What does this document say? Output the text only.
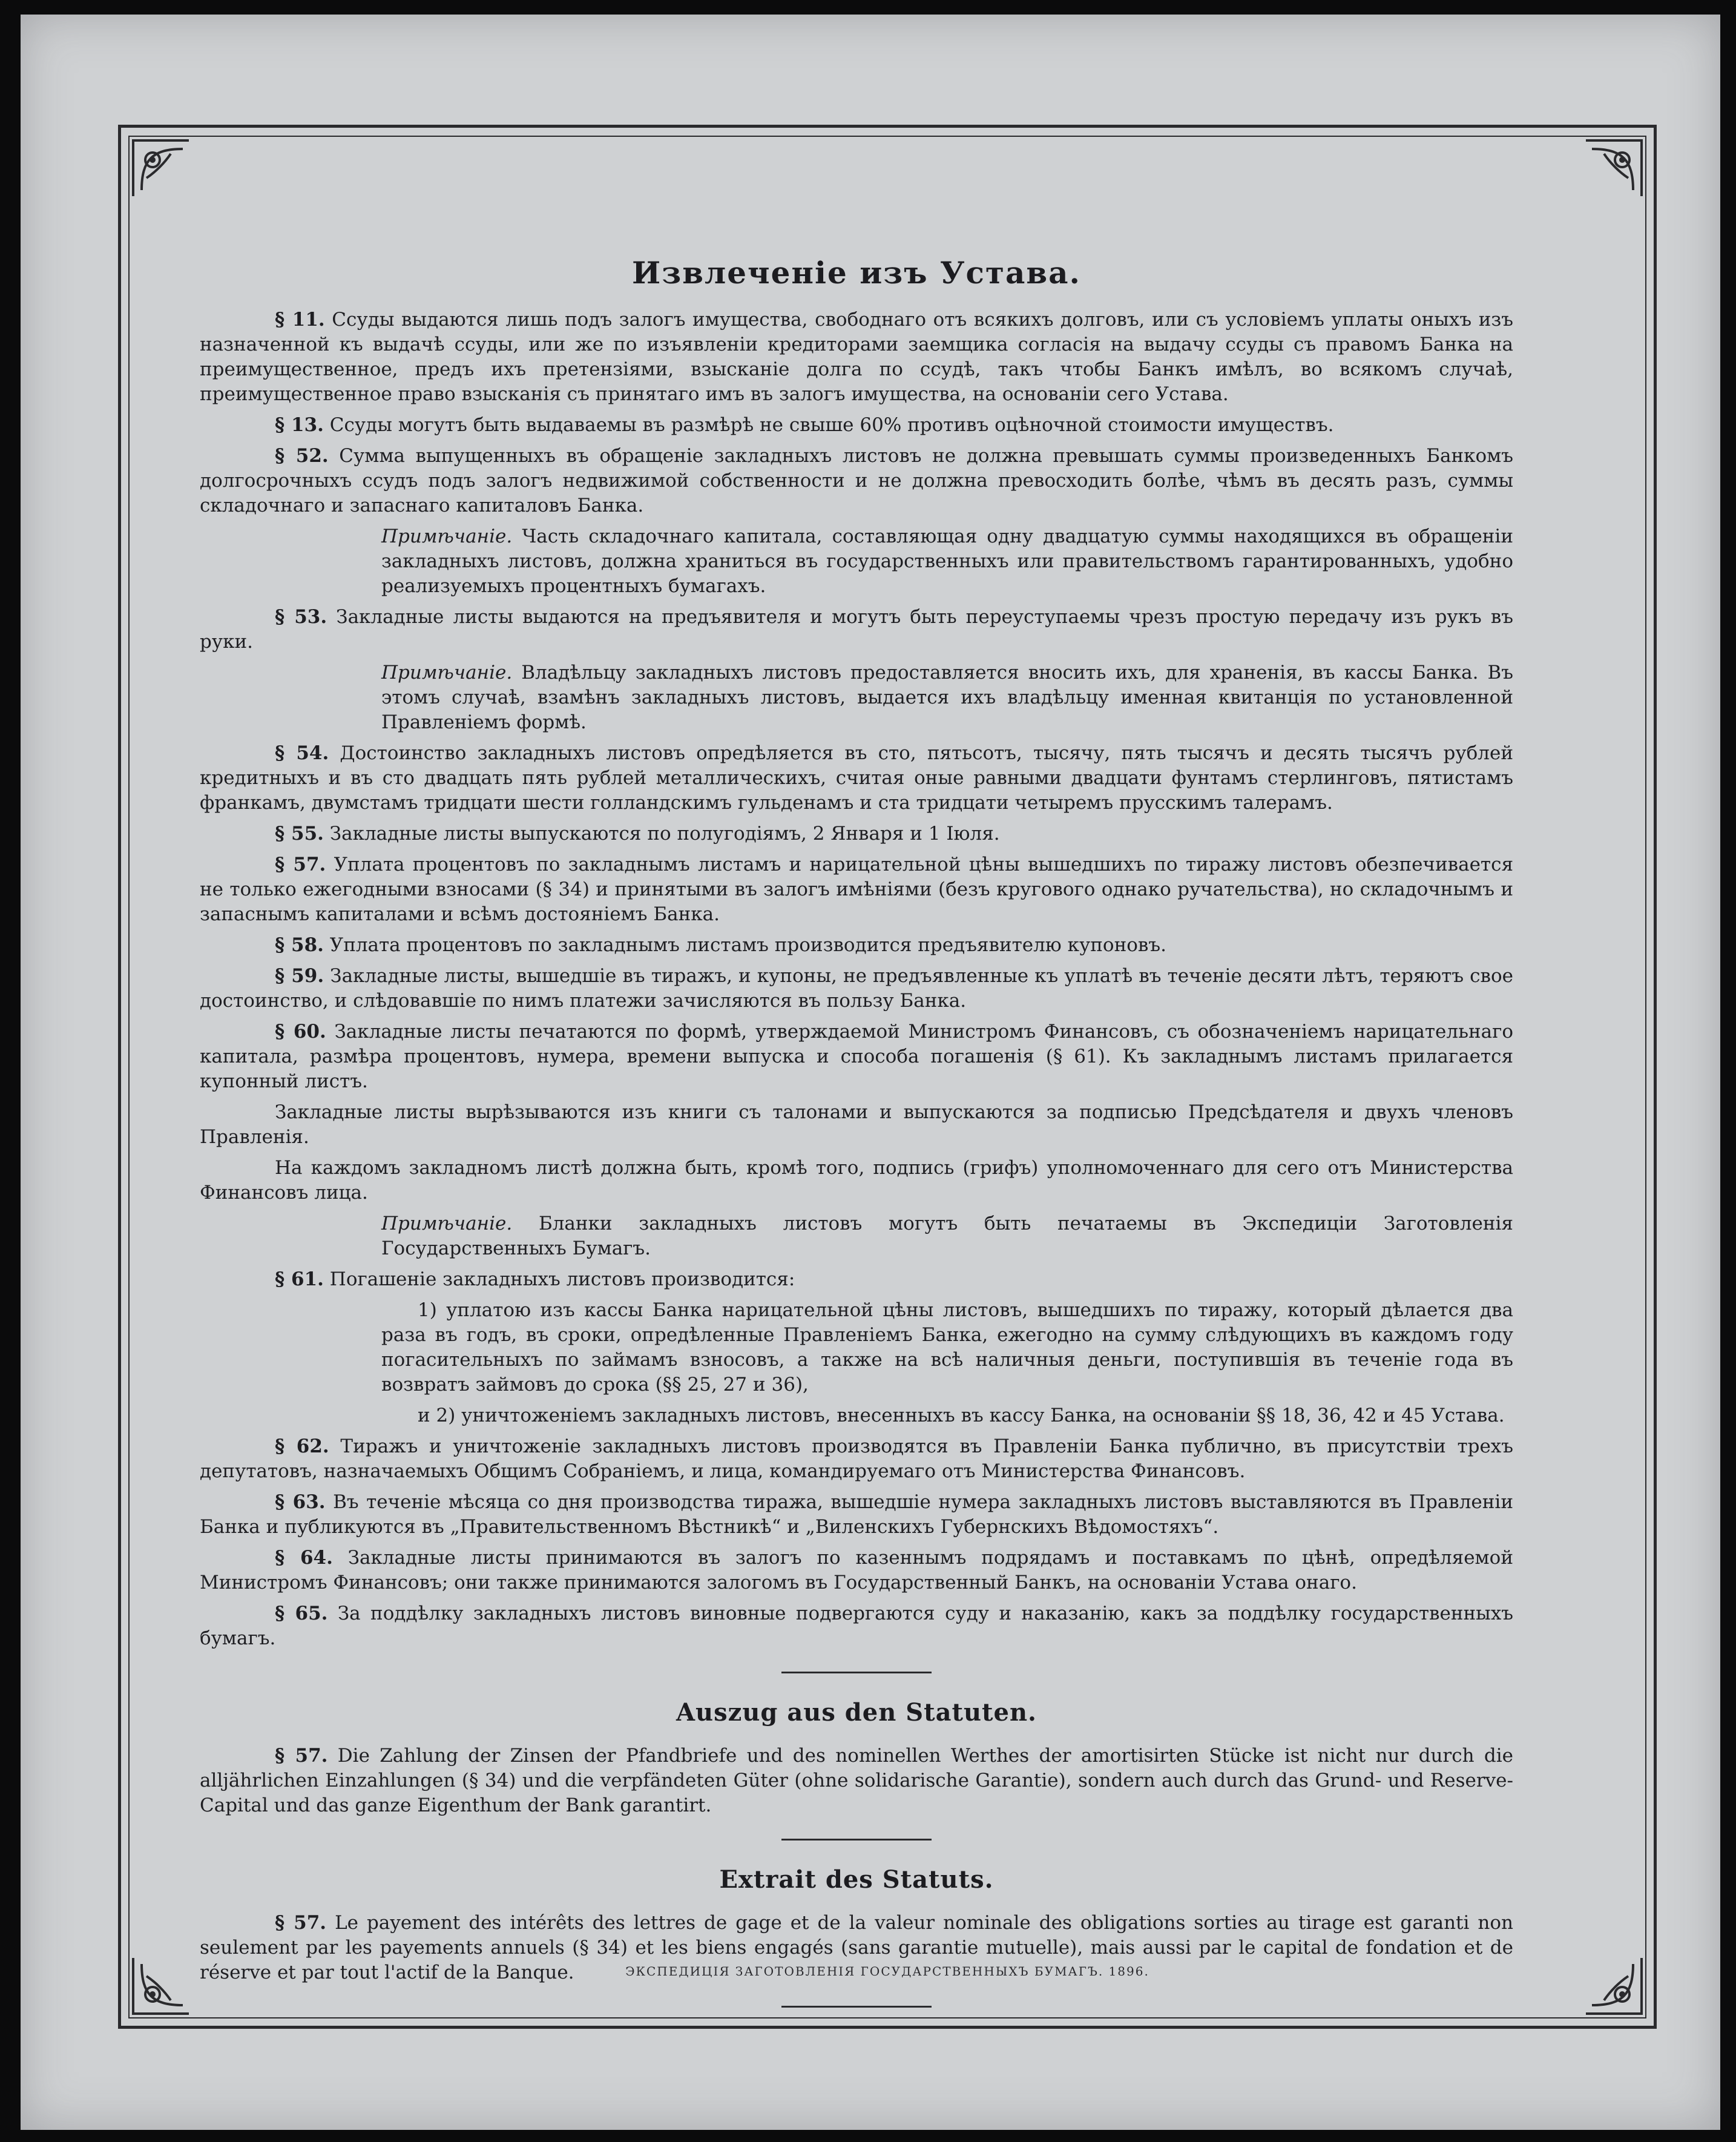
Извлеченіе изъ Устава.

§ 11. Ссуды выдаются лишь подъ залогъ имущества, свободнаго отъ всякихъ долговъ, или съ условіемъ уплаты оныхъ изъ назначенной къ выдачѣ ссуды, или же по изъявленіи кредиторами заемщика согласія на выдачу ссуды съ правомъ Банка на преимущественное, предъ ихъ претензіями, взысканіе долга по ссудѣ, такъ чтобы Банкъ имѣлъ, во всякомъ случаѣ, преимущественное право взысканія съ принятаго имъ въ залогъ имущества, на основаніи сего Устава.

§ 13. Ссуды могутъ быть выдаваемы въ размѣрѣ не свыше 60% противъ оцѣночной стоимости имуществъ.

§ 52. Сумма выпущенныхъ въ обращеніе закладныхъ листовъ не должна превышать суммы произведенныхъ Банкомъ долгосрочныхъ ссудъ подъ залогъ недвижимой собственности и не должна превосходить болѣе, чѣмъ въ десять разъ, суммы складочнаго и запаснаго капиталовъ Банка.

Примѣчаніе. Часть складочнаго капитала, составляющая одну двадцатую суммы находящихся въ обращеніи закладныхъ листовъ, должна храниться въ государственныхъ или правительствомъ гарантированныхъ, удобно реализуемыхъ процентныхъ бумагахъ.

§ 53. Закладные листы выдаются на предъявителя и могутъ быть переуступаемы чрезъ простую передачу изъ рукъ въ руки.

Примѣчаніе. Владѣльцу закладныхъ листовъ предоставляется вносить ихъ, для храненія, въ кассы Банка. Въ этомъ случаѣ, взамѣнъ закладныхъ листовъ, выдается ихъ владѣльцу именная квитанція по установленной Правленіемъ формѣ.

§ 54. Достоинство закладныхъ листовъ опредѣляется въ сто, пятьсотъ, тысячу, пять тысячъ и десять тысячъ рублей кредитныхъ и въ сто двадцать пять рублей металлическихъ, считая оные равными двадцати фунтамъ стерлинговъ, пятистамъ франкамъ, двумстамъ тридцати шести голландскимъ гульденамъ и ста тридцати четыремъ прусскимъ талерамъ.

§ 55. Закладные листы выпускаются по полугодіямъ, 2 Января и 1 Іюля.

§ 57. Уплата процентовъ по закладнымъ листамъ и нарицательной цѣны вышедшихъ по тиражу листовъ обезпечивается не только ежегодными взносами (§ 34) и принятыми въ залогъ имѣніями (безъ кругового однако ручательства), но складочнымъ и запаснымъ капиталами и всѣмъ достояніемъ Банка.

§ 58. Уплата процентовъ по закладнымъ листамъ производится предъявителю купоновъ.

§ 59. Закладные листы, вышедшіе въ тиражъ, и купоны, не предъявленные къ уплатѣ въ теченіе десяти лѣтъ, теряютъ свое достоинство, и слѣдовавшіе по нимъ платежи зачисляются въ пользу Банка.

§ 60. Закладные листы печатаются по формѣ, утверждаемой Министромъ Финансовъ, съ обозначеніемъ нарицательнаго капитала, размѣра процентовъ, нумера, времени выпуска и способа погашенія (§ 61). Къ закладнымъ листамъ прилагается купонный листъ.

Закладные листы вырѣзываются изъ книги съ талонами и выпускаются за подписью Предсѣдателя и двухъ членовъ Правленія.

На каждомъ закладномъ листѣ должна быть, кромѣ того, подпись (грифъ) уполномоченнаго для сего отъ Министерства Финансовъ лица.

Примѣчаніе. Бланки закладныхъ листовъ могутъ быть печатаемы въ Экспедиціи Заготовленія Государственныхъ Бумагъ.

§ 61. Погашеніе закладныхъ листовъ производится:

1) уплатою изъ кассы Банка нарицательной цѣны листовъ, вышедшихъ по тиражу, который дѣлается два раза въ годъ, въ сроки, опредѣленные Правленіемъ Банка, ежегодно на сумму слѣдующихъ въ каждомъ году погасительныхъ по займамъ взносовъ, а также на всѣ наличныя деньги, поступившія въ теченіе года въ возвратъ займовъ до срока (§§ 25, 27 и 36),

и 2) уничтоженіемъ закладныхъ листовъ, внесенныхъ въ кассу Банка, на основаніи §§ 18, 36, 42 и 45 Устава.

§ 62. Тиражъ и уничтоженіе закладныхъ листовъ производятся въ Правленіи Банка публично, въ присутствіи трехъ депутатовъ, назначаемыхъ Общимъ Собраніемъ, и лица, командируемаго отъ Министерства Финансовъ.

§ 63. Въ теченіе мѣсяца со дня производства тиража, вышедшіе нумера закладныхъ листовъ выставляются въ Правленіи Банка и публикуются въ „Правительственномъ Вѣстникѣ“ и „Виленскихъ Губернскихъ Вѣдомостяхъ“.

§ 64. Закладные листы принимаются въ залогъ по казеннымъ подрядамъ и поставкамъ по цѣнѣ, опредѣляемой Министромъ Финансовъ; они также принимаются залогомъ въ Государственный Банкъ, на основаніи Устава онаго.

§ 65. За поддѣлку закладныхъ листовъ виновные подвергаются суду и наказанію, какъ за поддѣлку государственныхъ бумагъ.

Auszug aus den Statuten.

§ 57. Die Zahlung der Zinsen der Pfandbriefe und des nominellen Werthes der amortisirten Stücke ist nicht nur durch die alljährlichen Einzahlungen (§ 34) und die verpfändeten Güter (ohne solidarische Garantie), sondern auch durch das Grund- und Reserve-Capital und das ganze Eigenthum der Bank garantirt.

Extrait des Statuts.

§ 57. Le payement des intérêts des lettres de gage et de la valeur nominale des obligations sorties au tirage est garanti non seulement par les payements annuels (§ 34) et les biens engagés (sans garantie mutuelle), mais aussi par le capital de fondation et de réserve et par tout l'actif de la Banque.	ЭКСПЕДИЦІЯ ЗАГОТОВЛЕНІЯ ГОСУДАРСТВЕННЫХЪ БУМАГЪ. 1896.
